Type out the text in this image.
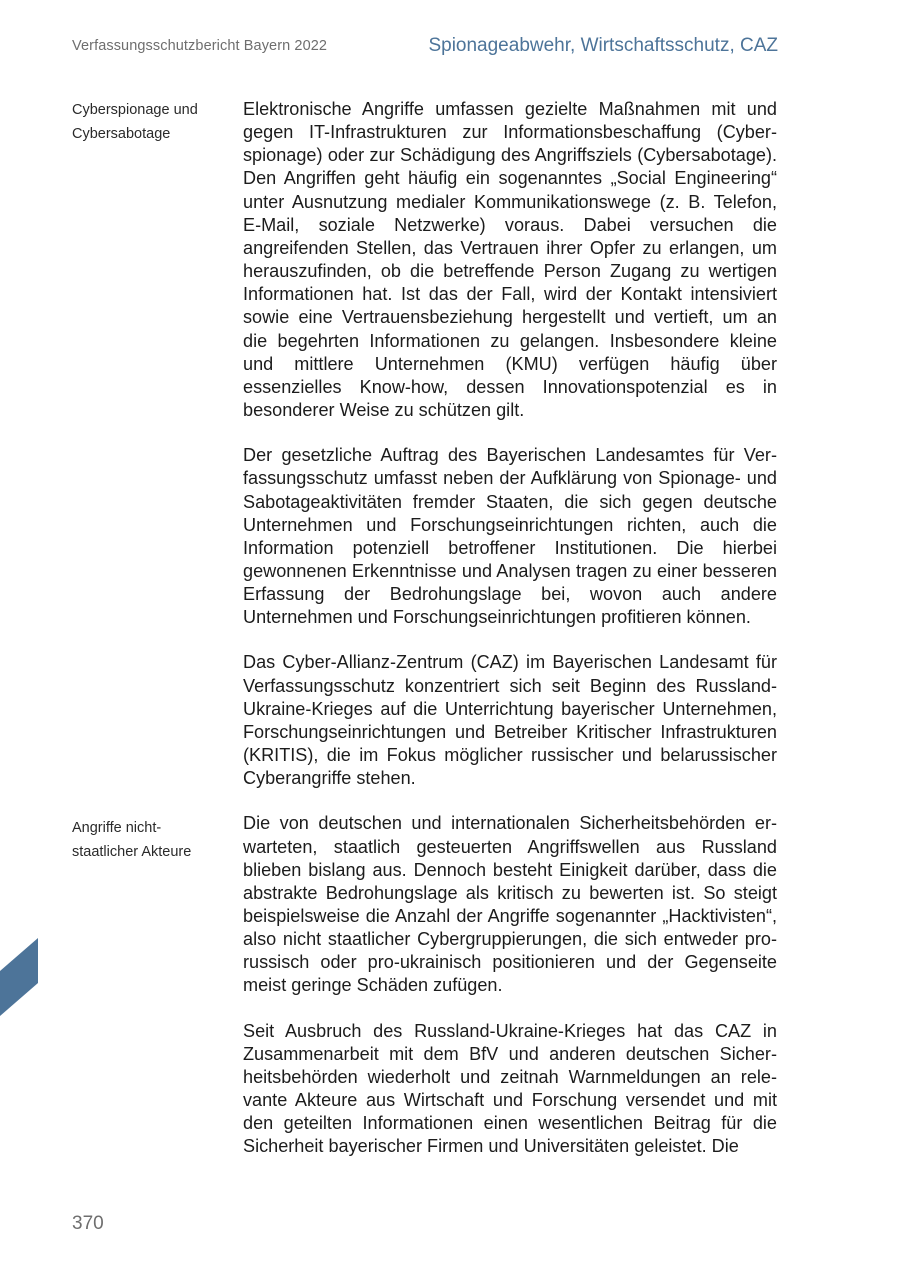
Verfassungsschutzbericht Bayern 2022	Spionageabwehr, Wirtschaftsschutz, CAZ
Cyberspionage und Cybersabotage
Angriffe nichtstaatlicher Akteure

Elektronische Angriffe umfassen gezielte Maßnahmen mit und gegen IT-Infrastrukturen zur Informationsbeschaffung (Cyberspionage) oder zur Schädigung des Angriffsziels (Cybersabotage). Den Angriffen geht häufig ein sogenanntes „Social Engineering“ unter Ausnutzung medialer Kommunikationswege (z. B. Telefon, E-Mail, soziale Netzwerke) voraus. Dabei versuchen die angreifenden Stellen, das Vertrauen ihrer Opfer zu erlangen, um herauszufinden, ob die betreffende Person Zugang zu wertigen Informationen hat. Ist das der Fall, wird der Kontakt intensiviert sowie eine Vertrauensbeziehung hergestellt und vertieft, um an die begehrten Informationen zu gelangen. Insbesondere kleine und mittlere Unternehmen (KMU) verfügen häufig über essenzielles Know-how, dessen Innovationspotenzial es in besonderer Weise zu schützen gilt.

Der gesetzliche Auftrag des Bayerischen Landesamtes für Verfassungsschutz umfasst neben der Aufklärung von Spionage- und Sabotageaktivitäten fremder Staaten, die sich gegen deutsche Unternehmen und Forschungseinrichtungen richten, auch die Information potenziell betroffener Institutionen. Die hierbei gewonnenen Erkenntnisse und Analysen tragen zu einer besseren Erfassung der Bedrohungslage bei, wovon auch andere Unternehmen und Forschungseinrichtungen profitieren können.

Das Cyber-Allianz-Zentrum (CAZ) im Bayerischen Landesamt für Verfassungsschutz konzentriert sich seit Beginn des Russland-Ukraine-Krieges auf die Unterrichtung bayerischer Unternehmen, Forschungseinrichtungen und Betreiber Kritischer Infrastrukturen (KRITIS), die im Fokus möglicher russischer und belarussischer Cyberangriffe stehen.

Die von deutschen und internationalen Sicherheitsbehörden erwarteten, staatlich gesteuerten Angriffswellen aus Russland blieben bislang aus. Dennoch besteht Einigkeit darüber, dass die abstrakte Bedrohungslage als kritisch zu bewerten ist. So steigt beispielsweise die Anzahl der Angriffe sogenannter „Hacktivisten“, also nicht staatlicher Cybergruppierungen, die sich entweder pro-russisch oder pro-ukrainisch positionieren und der Gegenseite meist geringe Schäden zufügen.

Seit Ausbruch des Russland-Ukraine-Krieges hat das CAZ in Zusammenarbeit mit dem BfV und anderen deutschen Sicherheitsbehörden wiederholt und zeitnah Warnmeldungen an relevante Akteure aus Wirtschaft und Forschung versendet und mit den geteilten Informationen einen wesentlichen Beitrag für die Sicherheit bayerischer Firmen und Universitäten geleistet. Die

370
